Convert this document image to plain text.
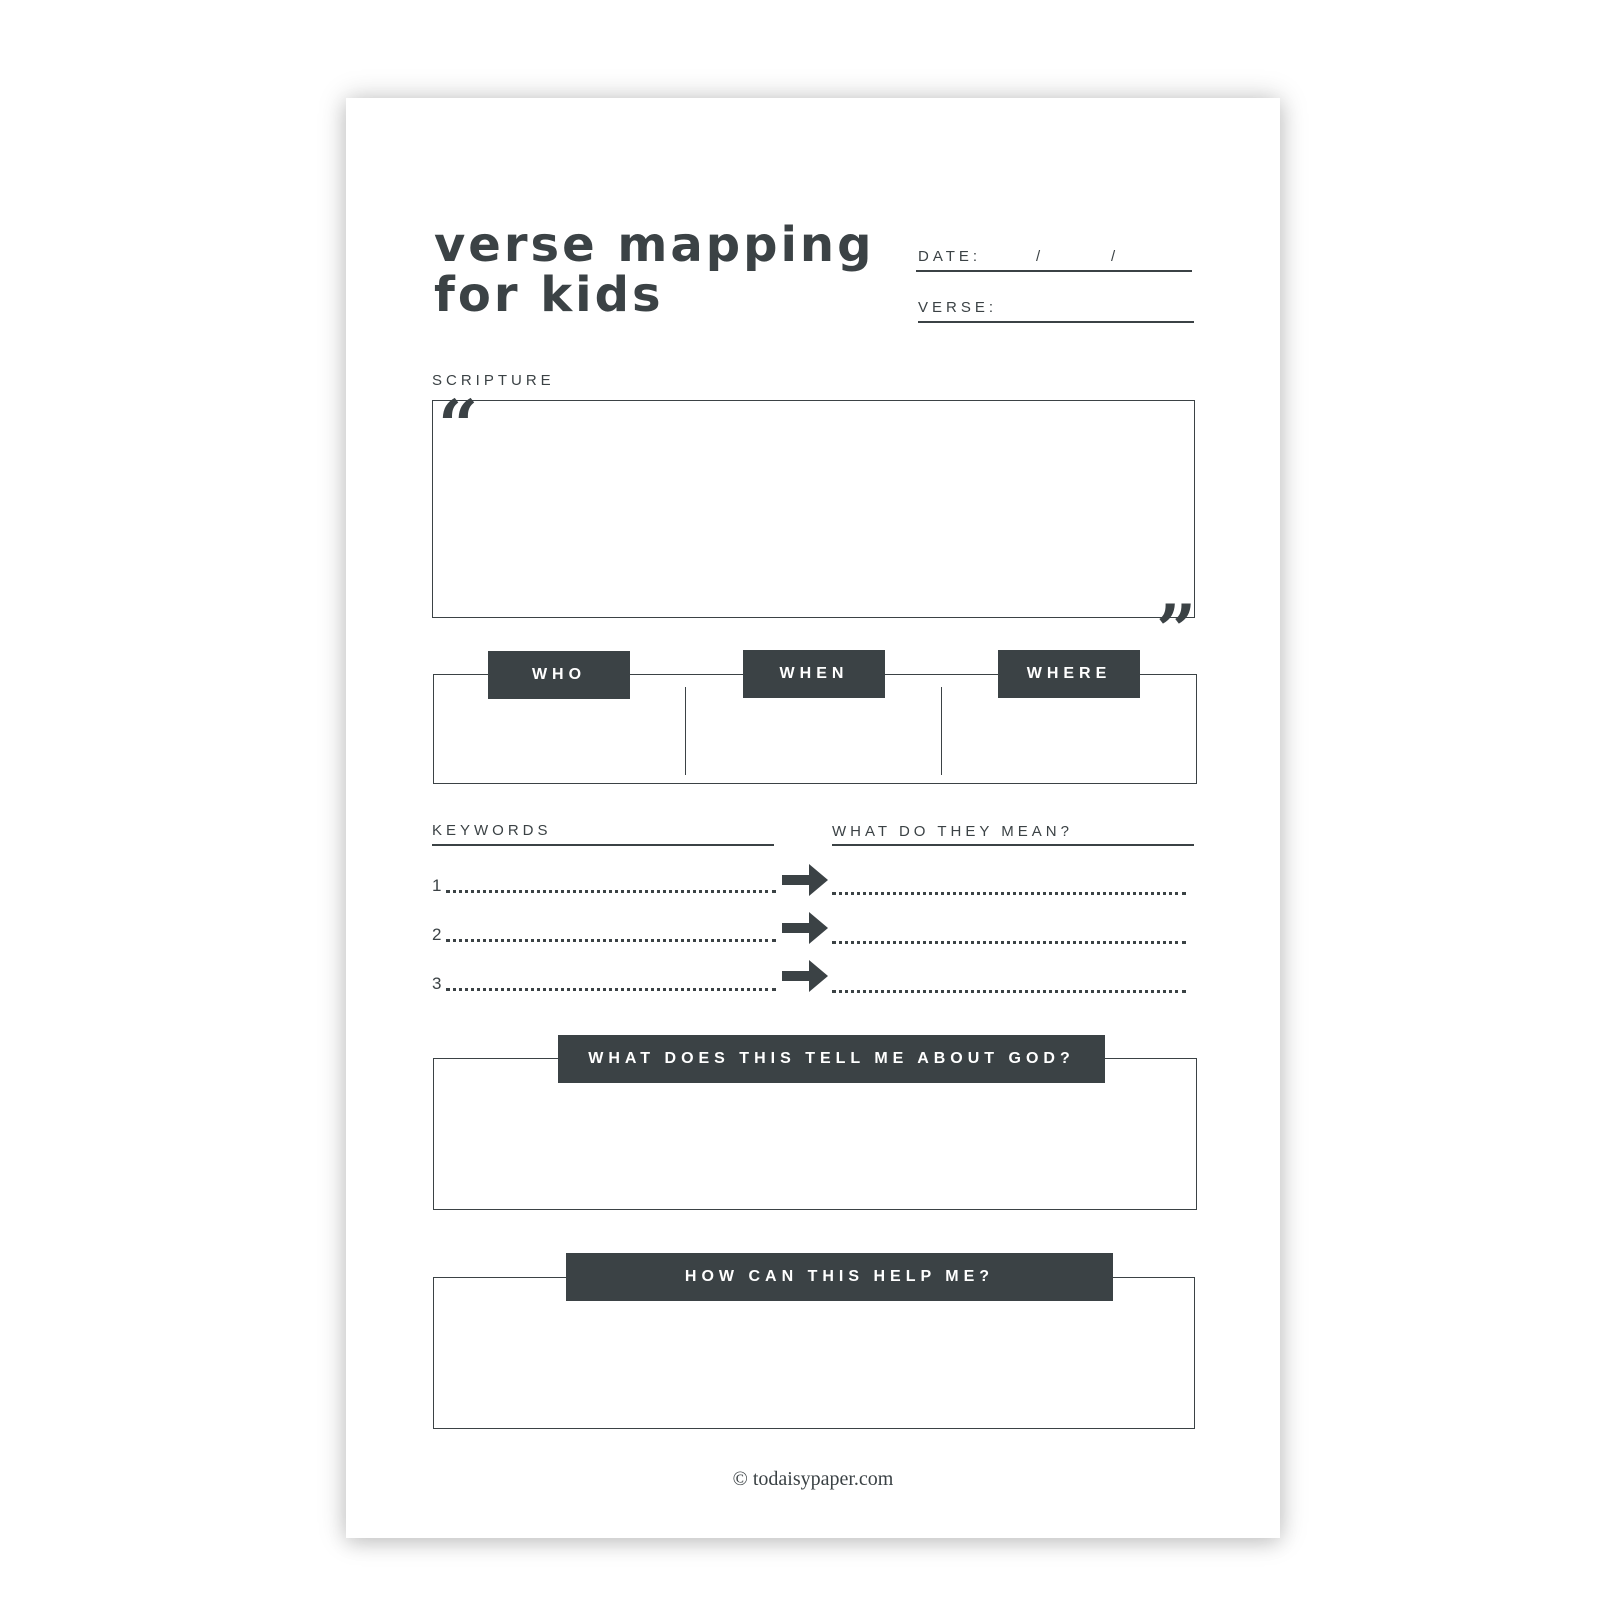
verse mapping
for kids
DATE:	/	/
VERSE:
SCRIPTURE
“
”
WHO	WHEN	WHERE
KEYWORDS	WHAT DO THEY MEAN?
1
2
3
WHAT DOES THIS TELL ME ABOUT GOD?
HOW CAN THIS HELP ME?
© todaisypaper.com
